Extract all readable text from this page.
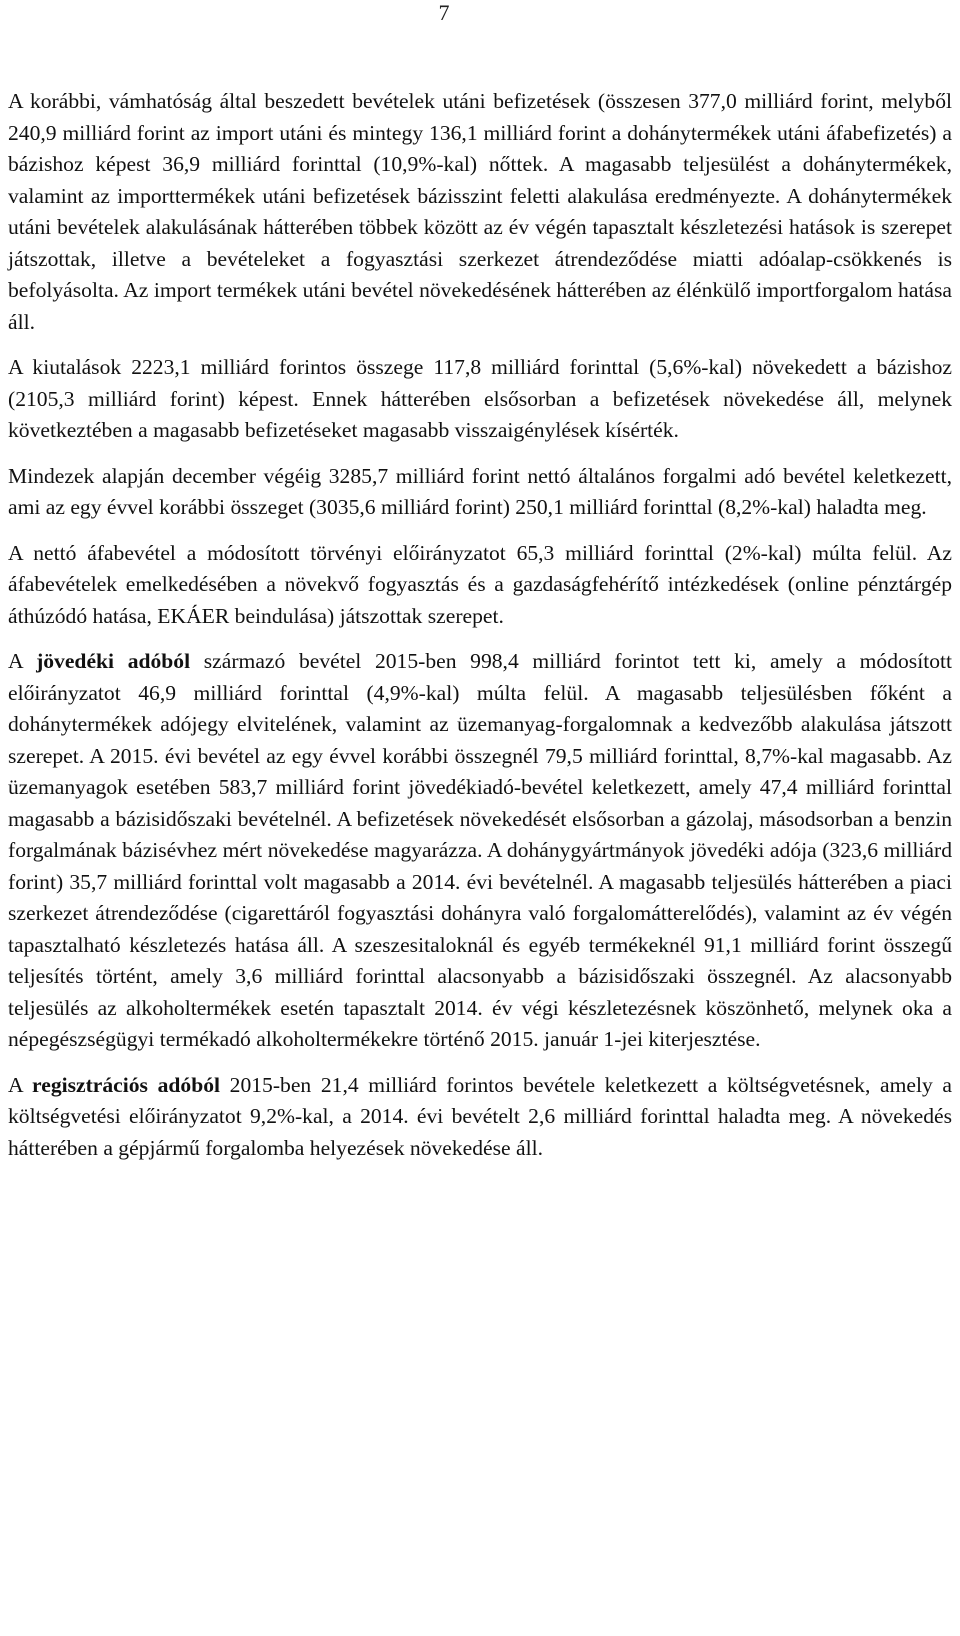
7

A korábbi, vámhatóság által beszedett bevételek utáni befizetések (összesen 377,0 milliárd forint, melyből 240,9 milliárd forint az import utáni és mintegy 136,1 milliárd forint a dohánytermékek utáni áfabefizetés) a bázishoz képest 36,9 milliárd forinttal (10,9%-kal) nőttek. A magasabb teljesülést a dohánytermékek, valamint az importtermékek utáni befizetések bázisszint feletti alakulása eredményezte. A dohánytermékek utáni bevételek alakulásának hátterében többek között az év végén tapasztalt készletezési hatások is szerepet játszottak, illetve a bevételeket a fogyasztási szerkezet átrendeződése miatti adóalap-csökkenés is befolyásolta. Az import termékek utáni bevétel növekedésének hátterében az élénkülő importforgalom hatása áll.

A kiutalások 2223,1 milliárd forintos összege 117,8 milliárd forinttal (5,6%-kal) növekedett a bázishoz (2105,3 milliárd forint) képest. Ennek hátterében elsősorban a befizetések növekedése áll, melynek következtében a magasabb befizetéseket magasabb visszaigénylések kísérték.

Mindezek alapján december végéig 3285,7 milliárd forint nettó általános forgalmi adó bevétel keletkezett, ami az egy évvel korábbi összeget (3035,6 milliárd forint) 250,1 milliárd forinttal (8,2%-kal) haladta meg.

A nettó áfabevétel a módosított törvényi előirányzatot 65,3 milliárd forinttal (2%-kal) múlta felül. Az áfabevételek emelkedésében a növekvő fogyasztás és a gazdaságfehérítő intézkedések (online pénztárgép áthúzódó hatása, EKÁER beindulása) játszottak szerepet.

A jövedéki adóból származó bevétel 2015-ben 998,4 milliárd forintot tett ki, amely a módosított előirányzatot 46,9 milliárd forinttal (4,9%-kal) múlta felül. A magasabb teljesülésben főként a dohánytermékek adójegy elvitelének, valamint az üzemanyag-forgalomnak a kedvezőbb alakulása játszott szerepet. A 2015. évi bevétel az egy évvel korábbi összegnél 79,5 milliárd forinttal, 8,7%-kal magasabb. Az üzemanyagok esetében 583,7 milliárd forint jövedékiadó-bevétel keletkezett, amely 47,4 milliárd forinttal magasabb a bázisidőszaki bevételnél. A befizetések növekedését elsősorban a gázolaj, másodsorban a benzin forgalmának bázisévhez mért növekedése magyarázza. A dohánygyártmányok jövedéki adója (323,6 milliárd forint) 35,7 milliárd forinttal volt magasabb a 2014. évi bevételnél. A magasabb teljesülés hátterében a piaci szerkezet átrendeződése (cigarettáról fogyasztási dohányra való forgalomátterelődés), valamint az év végén tapasztalható készletezés hatása áll. A szeszesitaloknál és egyéb termékeknél 91,1 milliárd forint összegű teljesítés történt, amely 3,6 milliárd forinttal alacsonyabb a bázisidőszaki összegnél. Az alacsonyabb teljesülés az alkoholtermékek esetén tapasztalt 2014. év végi készletezésnek köszönhető, melynek oka a népegészségügyi termékadó alkoholtermékekre történő 2015. január 1-jei kiterjesztése.

A regisztrációs adóból 2015-ben 21,4 milliárd forintos bevétele keletkezett a költségvetésnek, amely a költségvetési előirányzatot 9,2%-kal, a 2014. évi bevételt 2,6 milliárd forinttal haladta meg. A növekedés hátterében a gépjármű forgalomba helyezések növekedése áll.
